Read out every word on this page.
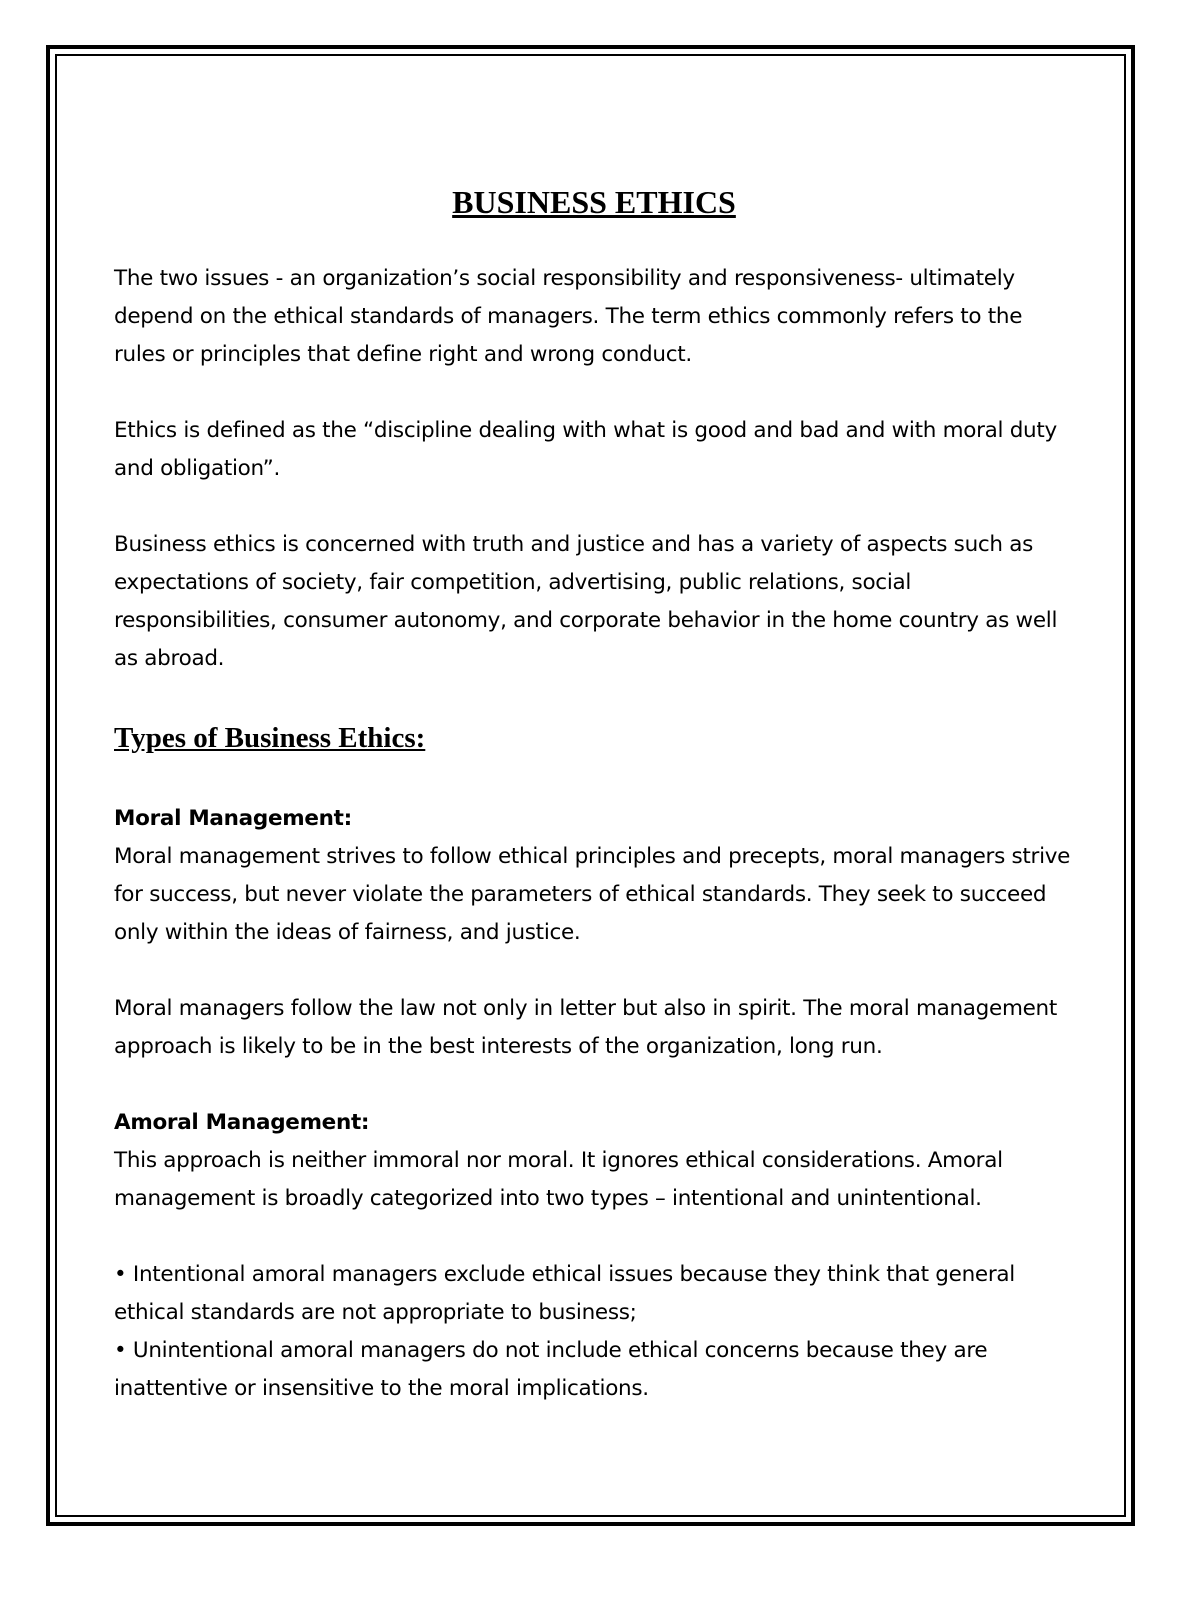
BUSINESS ETHICS

The two issues - an organization’s social responsibility and responsiveness- ultimately depend on the ethical standards of managers. The term ethics commonly refers to the rules or principles that define right and wrong conduct.

Ethics is defined as the “discipline dealing with what is good and bad and with moral duty and obligation”.

Business ethics is concerned with truth and justice and has a variety of aspects such as expectations of society, fair competition, advertising, public relations, social responsibilities, consumer autonomy, and corporate behavior in the home country as well as abroad.

Types of Business Ethics:

Moral Management:

Moral management strives to follow ethical principles and precepts, moral managers strive for success, but never violate the parameters of ethical standards. They seek to succeed only within the ideas of fairness, and justice.

Moral managers follow the law not only in letter but also in spirit. The moral management approach is likely to be in the best interests of the organization, long run.

Amoral Management:

This approach is neither immoral nor moral. It ignores ethical considerations. Amoral management is broadly categorized into two types – intentional and unintentional.

• Intentional amoral managers exclude ethical issues because they think that general ethical standards are not appropriate to business;

• Unintentional amoral managers do not include ethical concerns because they are inattentive or insensitive to the moral implications.
